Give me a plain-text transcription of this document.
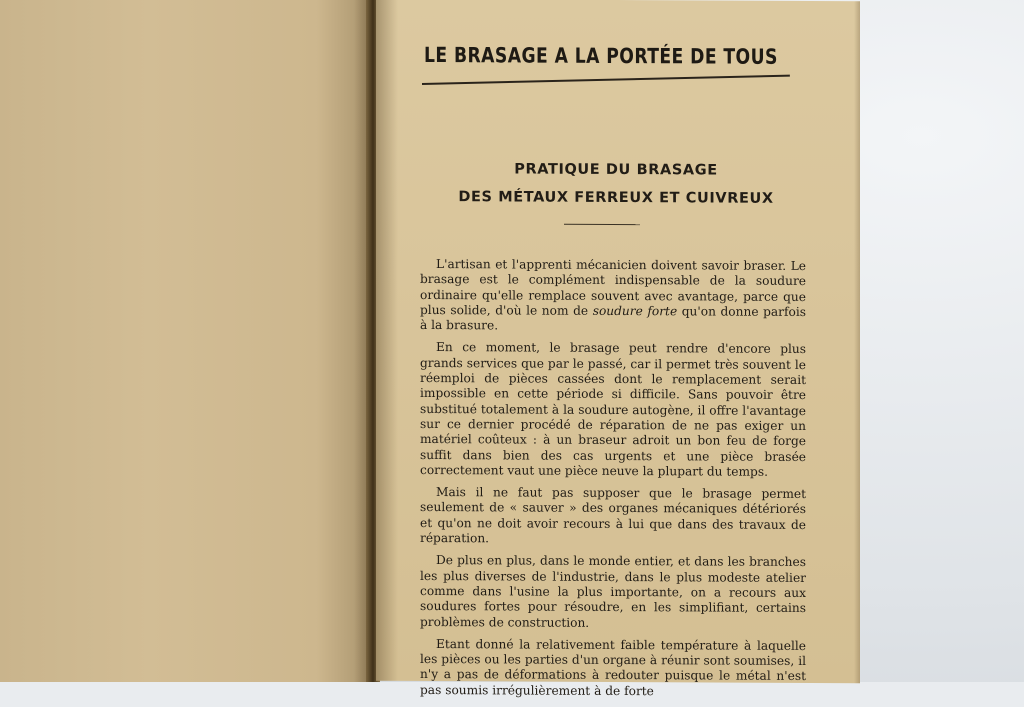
LE BRASAGE A LA PORTÉE DE TOUS
PRATIQUE DU BRASAGE
DES MÉTAUX FERREUX ET CUIVREUX

L'artisan et l'apprenti mécanicien doivent savoir braser. Le brasage est le complément indispensable de la soudure ordinaire qu'elle remplace souvent avec avantage, parce que plus solide, d'où le nom de soudure forte qu'on donne parfois à la brasure.

En ce moment, le brasage peut rendre d'encore plus grands services que par le passé, car il permet très souvent le réemploi de pièces cassées dont le remplacement serait impossible en cette période si difficile. Sans pouvoir être substitué totalement à la soudure autogène, il offre l'avantage sur ce dernier procédé de réparation de ne pas exiger un matériel coûteux : à un braseur adroit un bon feu de forge suffit dans bien des cas urgents et une pièce brasée correctement vaut une pièce neuve la plupart du temps.

Mais il ne faut pas supposer que le brasage permet seulement de « sauver » des organes mécaniques détériorés et qu'on ne doit avoir recours à lui que dans des travaux de réparation.

De plus en plus, dans le monde entier, et dans les branches les plus diverses de l'industrie, dans le plus modeste atelier comme dans l'usine la plus importante, on a recours aux soudures fortes pour résoudre, en les simplifiant, certains problèmes de construction.

Etant donné la relativement faible température à laquelle les pièces ou les parties d'un organe à réunir sont soumises, il n'y a pas de déformations à redouter puisque le métal n'est pas soumis irrégulièrement à de forte
